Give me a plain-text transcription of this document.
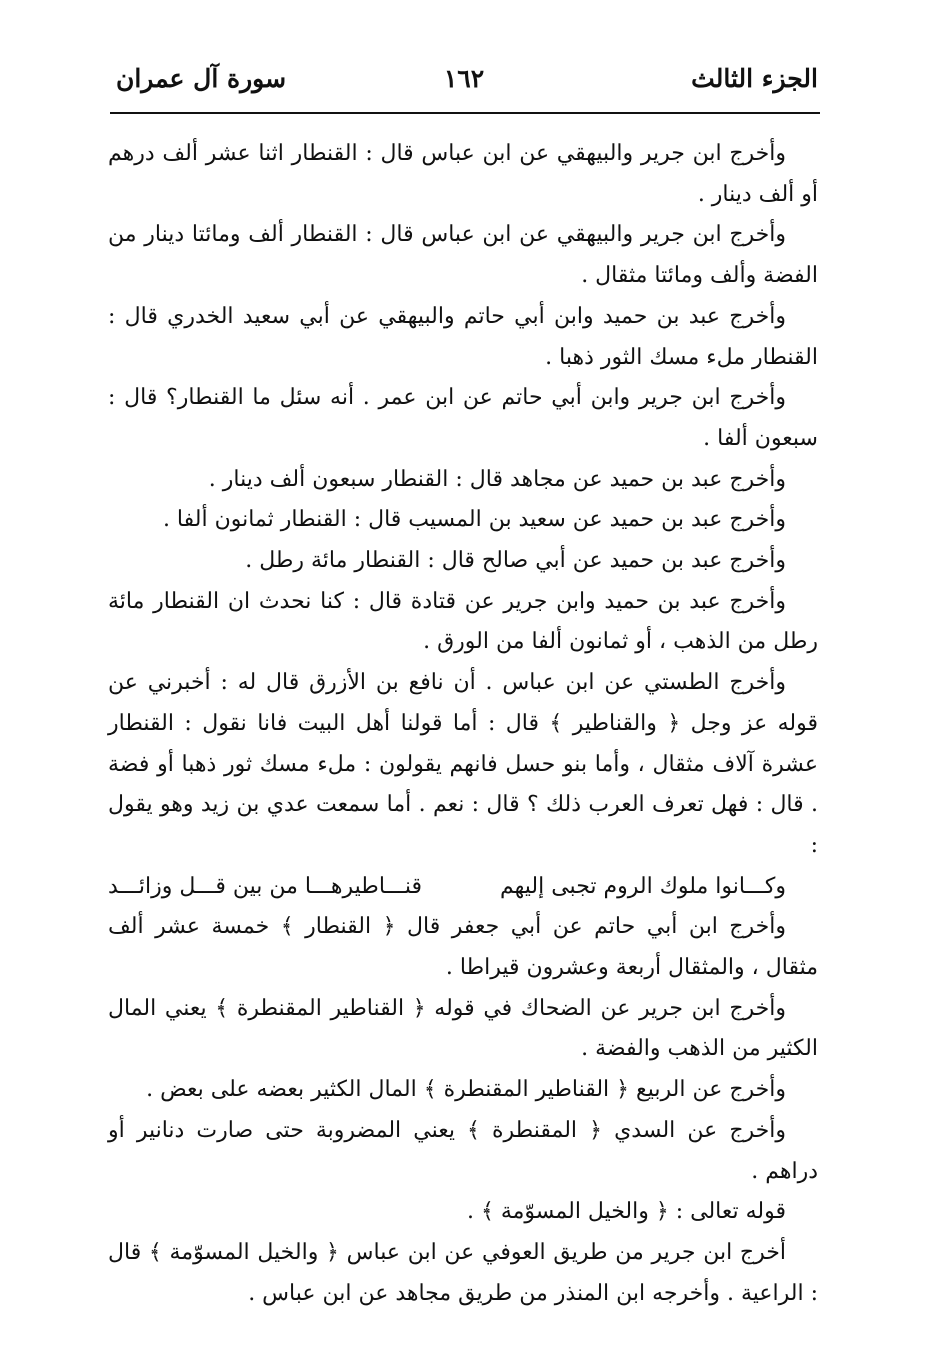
الجزء الثالث
١٦٢
سورة آل عمران

وأخرج ابن جرير والبيهقي عن ابن عباس قال : القنطار اثنا عشر ألف درهم أو ألف دينار .

وأخرج ابن جرير والبيهقي عن ابن عباس قال : القنطار ألف ومائتا دينار من الفضة وألف ومائتا مثقال .

وأخرج عبد بن حميد وابن أبي حاتم والبيهقي عن أبي سعيد الخدري قال : القنطار ملء مسك الثور ذهبا .

وأخرج ابن جرير وابن أبي حاتم عن ابن عمر . أنه سئل ما القنطار؟ قال : سبعون ألفا .

وأخرج عبد بن حميد عن مجاهد قال : القنطار سبعون ألف دينار .

وأخرج عبد بن حميد عن سعيد بن المسيب قال : القنطار ثمانون ألفا .

وأخرج عبد بن حميد عن أبي صالح قال : القنطار مائة رطل .

وأخرج عبد بن حميد وابن جرير عن قتادة قال : كنا نحدث ان القنطار مائة رطل من الذهب ، أو ثمانون ألفا من الورق .

وأخرج الطستي عن ابن عباس . أن نافع بن الأزرق قال له : أخبرني عن قوله عز وجل ﴿ والقناطير ﴾ قال : أما قولنا أهل البيت فانا نقول : القنطار عشرة آلاف مثقال ، وأما بنو حسل فانهم يقولون : ملء مسك ثور ذهبا أو فضة . قال : فهل تعرف العرب ذلك ؟ قال : نعم . أما سمعت عدي بن زيد وهو يقول :

وكـــانوا ملوك الروم تجبى إليهم
قنـــاطيرهـــا من بين قـــل وزائـــد

وأخرج ابن أبي حاتم عن أبي جعفر قال ﴿ القنطار ﴾ خمسة عشر ألف مثقال ، والمثقال أربعة وعشرون قيراطا .

وأخرج ابن جرير عن الضحاك في قوله ﴿ القناطير المقنطرة ﴾ يعني المال الكثير من الذهب والفضة .

وأخرج عن الربيع ﴿ القناطير المقنطرة ﴾ المال الكثير بعضه على بعض .

وأخرج عن السدي ﴿ المقنطرة ﴾ يعني المضروبة حتى صارت دنانير أو دراهم .

قوله تعالى : ﴿ والخيل المسوّمة ﴾ .

أخرج ابن جرير من طريق العوفي عن ابن عباس ﴿ والخيل المسوّمة ﴾ قال : الراعية . وأخرجه ابن المنذر من طريق مجاهد عن ابن عباس .
